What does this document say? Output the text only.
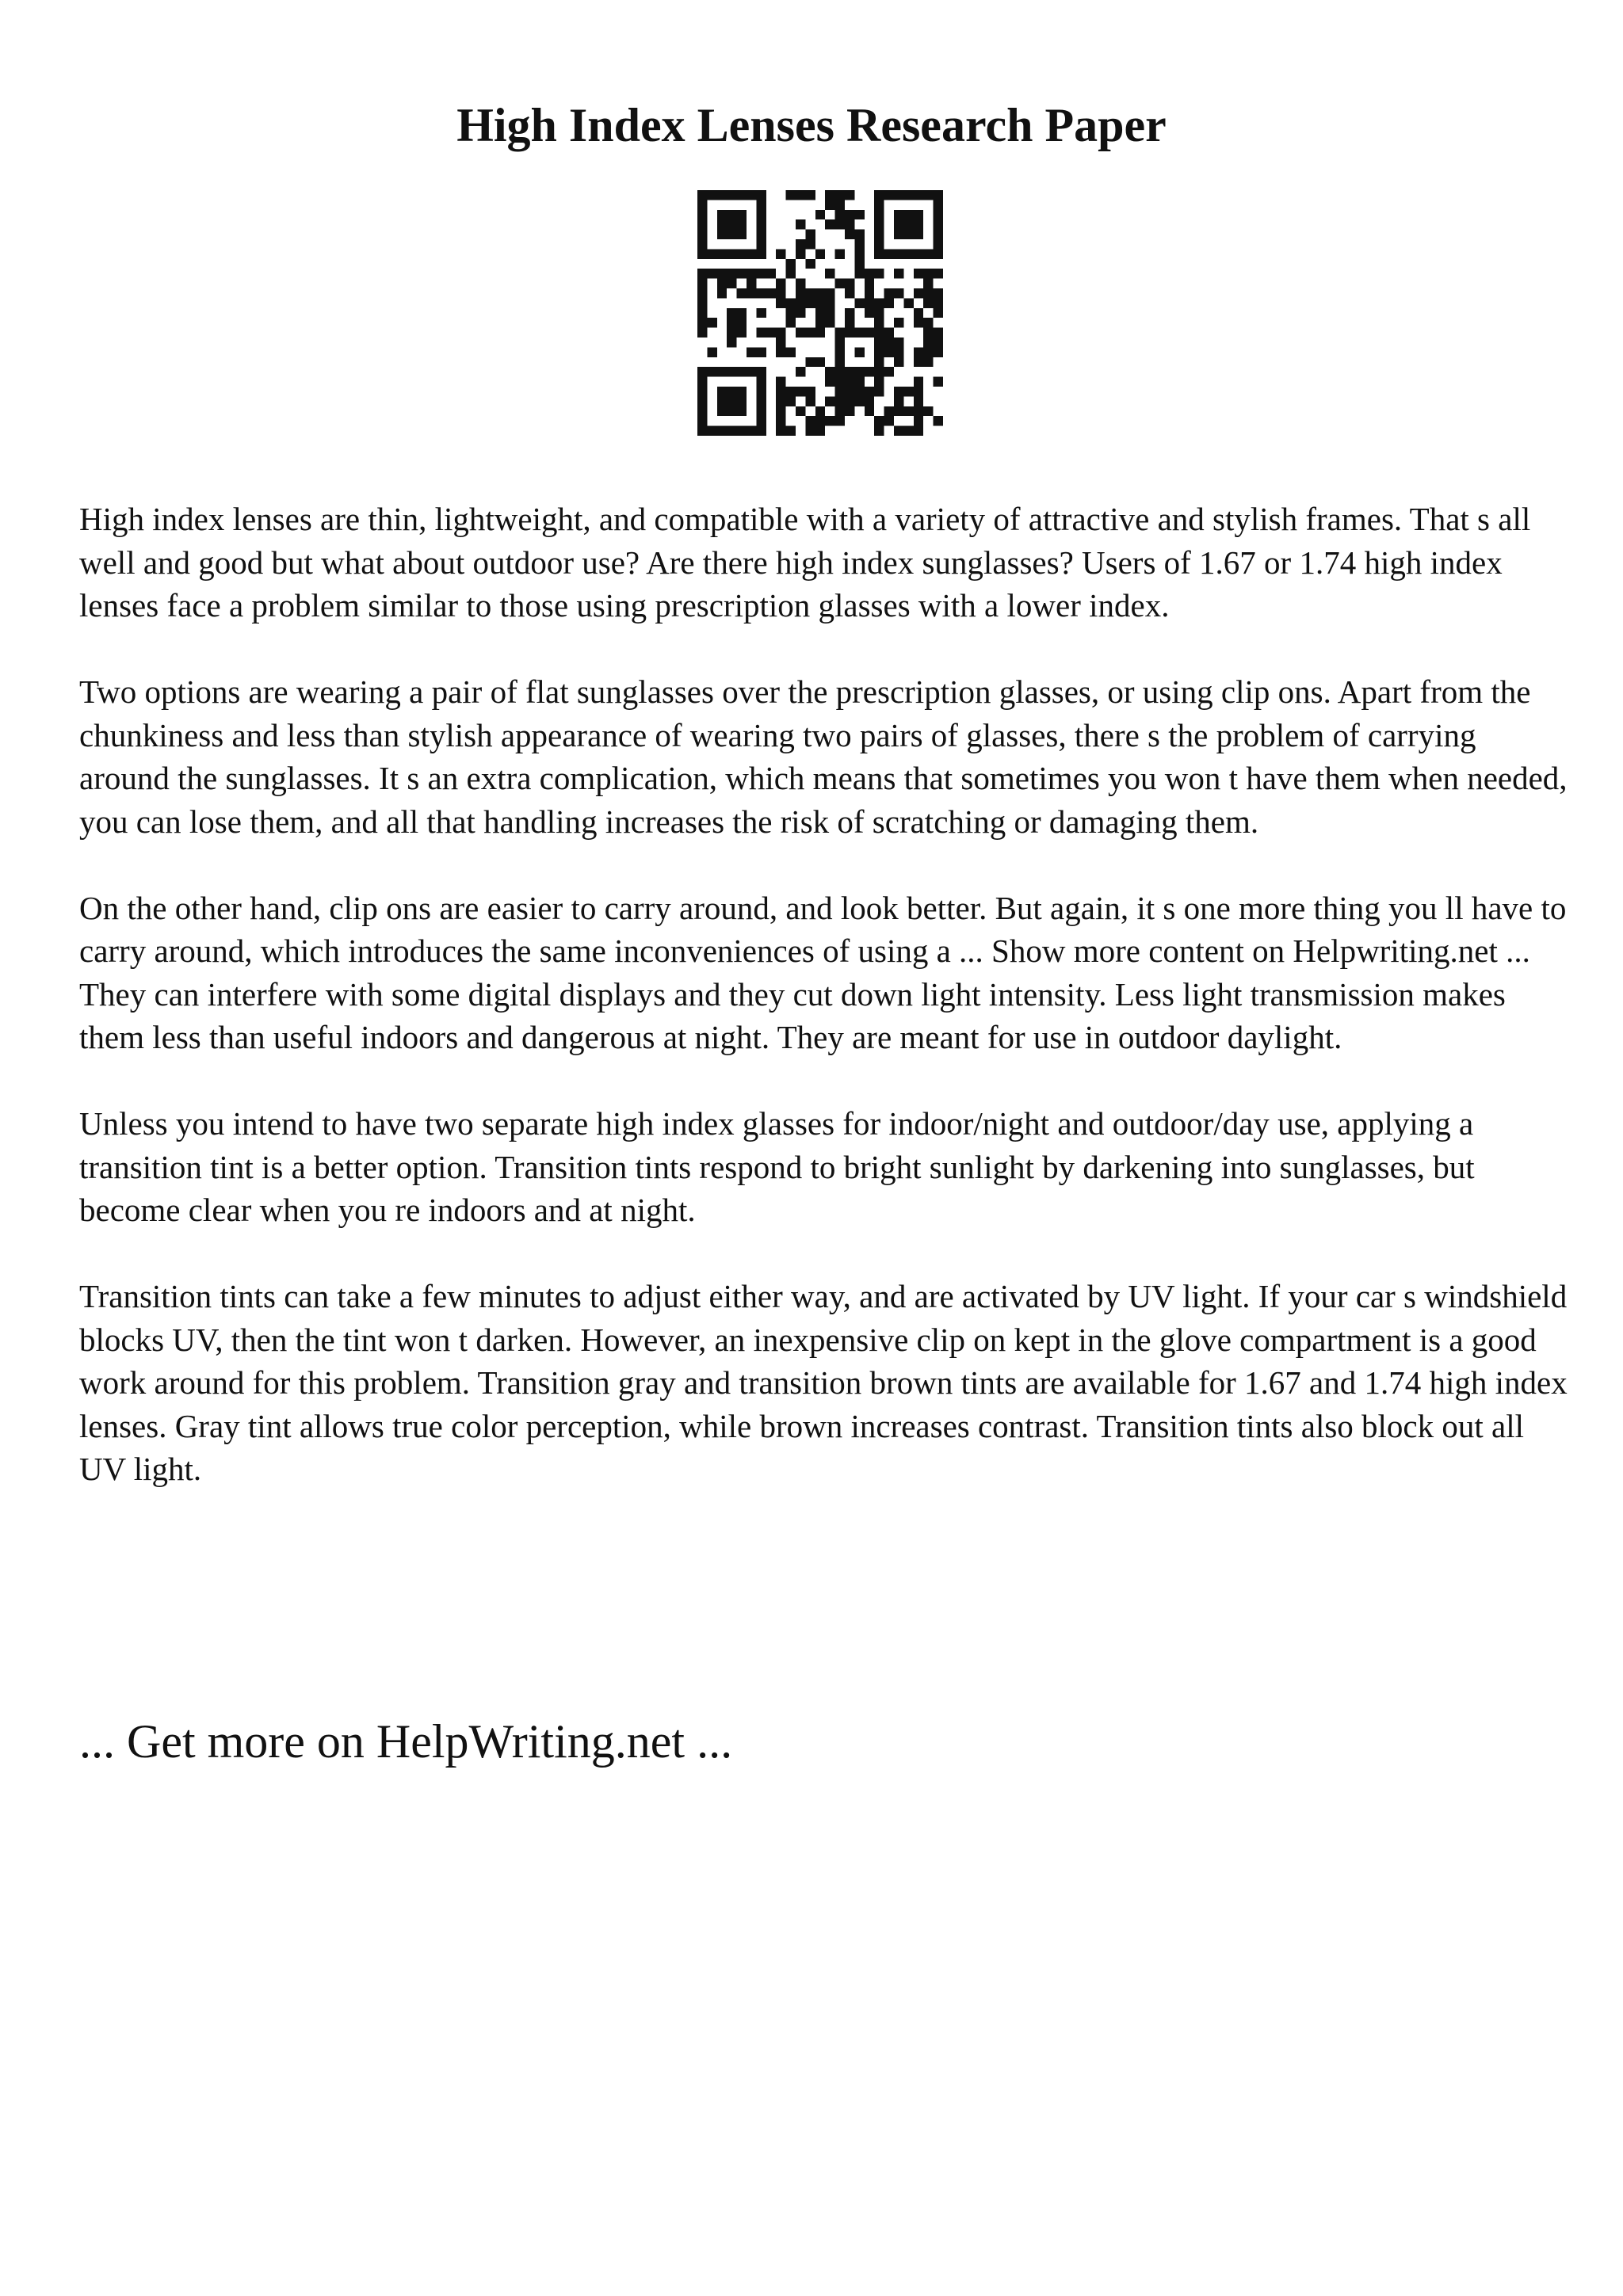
High Index Lenses Research Paper

High index lenses are thin, lightweight, and compatible with a variety of attractive and stylish frames. That s all well and good but what about outdoor use? Are there high index sunglasses? Users of 1.67 or 1.74 high index lenses face a problem similar to those using prescription glasses with a lower index.

Two options are wearing a pair of flat sunglasses over the prescription glasses, or using clip ons. Apart from the chunkiness and less than stylish appearance of wearing two pairs of glasses, there s the problem of carrying around the sunglasses. It s an extra complication, which means that sometimes you won t have them when needed, you can lose them, and all that handling increases the risk of scratching or damaging them.

On the other hand, clip ons are easier to carry around, and look better. But again, it s one more thing you ll have to carry around, which introduces the same inconveniences of using a ... Show more content on Helpwriting.net ...

They can interfere with some digital displays and they cut down light intensity. Less light transmission makes them less than useful indoors and dangerous at night. They are meant for use in outdoor daylight.

Unless you intend to have two separate high index glasses for indoor/night and outdoor/day use, applying a transition tint is a better option. Transition tints respond to bright sunlight by darkening into sunglasses, but become clear when you re indoors and at night.

Transition tints can take a few minutes to adjust either way, and are activated by UV light. If your car s windshield blocks UV, then the tint won t darken. However, an inexpensive clip on kept in the glove compartment is a good work around for this problem. Transition gray and transition brown tints are available for 1.67 and 1.74 high index lenses. Gray tint allows true color perception, while brown increases contrast. Transition tints also block out all UV light.

... Get more on HelpWriting.net ...
